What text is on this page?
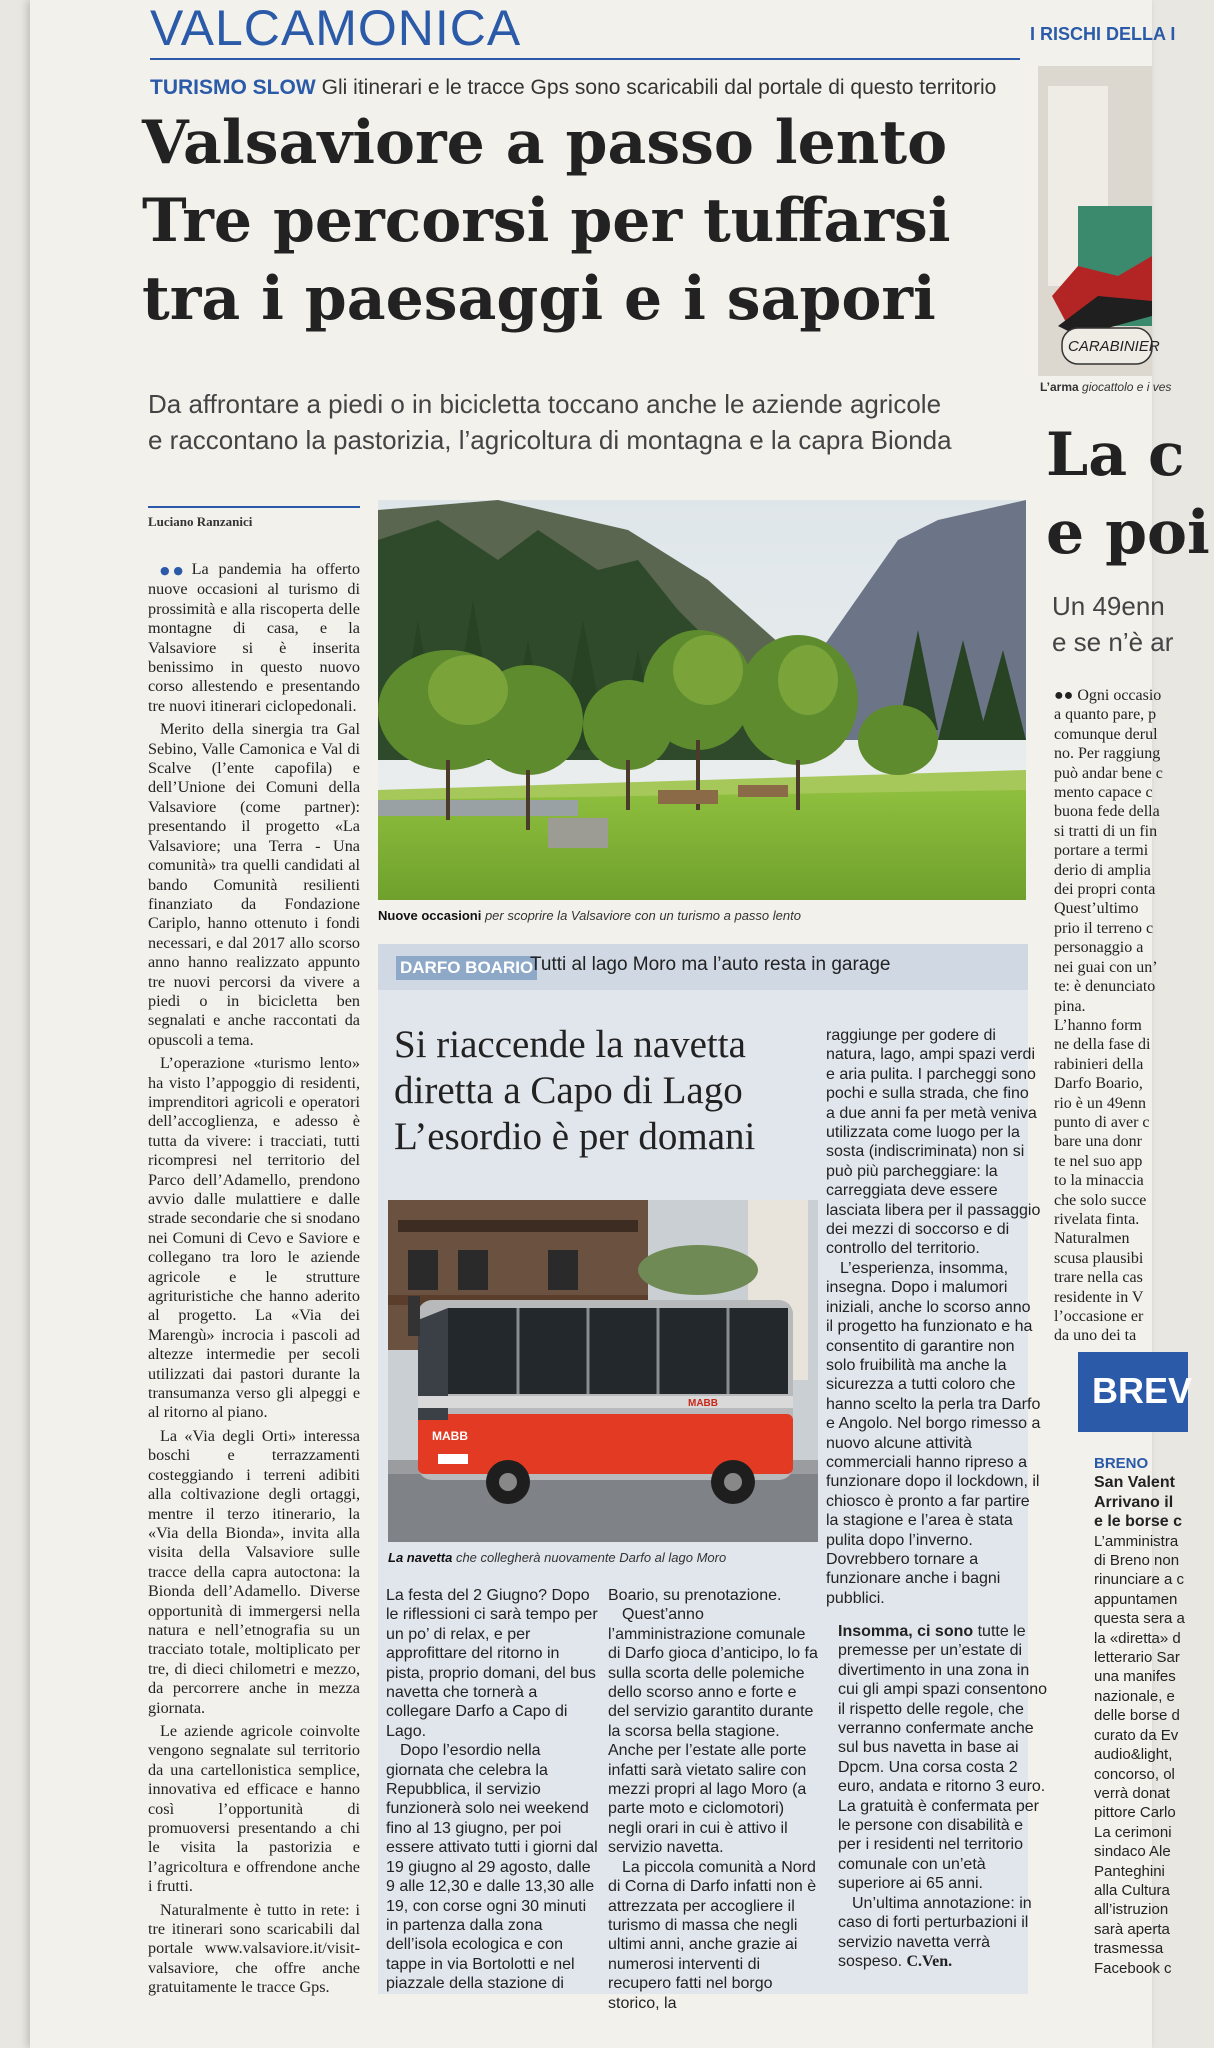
VALCAMONICA
TURISMO SLOW Gli itinerari e le tracce Gps sono scaricabili dal portale di questo territorio
Valsaviore a passo lento
Tre percorsi per tuffarsi
tra i paesaggi e i sapori
Da affrontare a piedi o in bicicletta toccano anche le aziende agricole
e raccontano la pastorizia, l’agricoltura di montagna e la capra Bionda
Luciano Ranzanici

●● La pandemia ha offerto nuove occasioni al turismo di prossimità e alla riscoperta delle montagne di casa, e la Valsaviore si è inserita benissimo in questo nuovo corso allestendo e presentando tre nuovi itinerari ciclopedonali.

Merito della sinergia tra Gal Sebino, Valle Camonica e Val di Scalve (l’ente capofila) e dell’Unione dei Comuni della Valsaviore (come partner): presentando il progetto «La Valsaviore; una Terra - Una comunità» tra quelli candidati al bando Comunità resilienti finanziato da Fondazione Cariplo, hanno ottenuto i fondi necessari, e dal 2017 allo scorso anno hanno realizzato appunto tre nuovi percorsi da vivere a piedi o in bicicletta ben segnalati e anche raccontati da opuscoli a tema.

L’operazione «turismo lento» ha visto l’appoggio di residenti, imprenditori agricoli e operatori dell’accoglienza, e adesso è tutta da vivere: i tracciati, tutti ricompresi nel territorio del Parco dell’Adamello, prendono avvio dalle mulattiere e dalle strade secondarie che si snodano nei Comuni di Cevo e Saviore e collegano tra loro le aziende agricole e le strutture agrituristiche che hanno aderito al progetto. La «Via dei Marengù» incrocia i pascoli ad altezze intermedie per secoli utilizzati dai pastori durante la transumanza verso gli alpeggi e al ritorno al piano.

La «Via degli Orti» interessa boschi e terrazzamenti costeggiando i terreni adibiti alla coltivazione degli ortaggi, mentre il terzo itinerario, la «Via della Bionda», invita alla visita della Valsaviore sulle tracce della capra autoctona: la Bionda dell’Adamello. Diverse opportunità di immergersi nella natura e nell’etnografia su un tracciato totale, moltiplicato per tre, di dieci chilometri e mezzo, da percorrere anche in mezza giornata.

Le aziende agricole coinvolte vengono segnalate sul territorio da una cartellonistica semplice, innovativa ed efficace e hanno così l’opportunità di promuoversi presentando a chi le visita la pastorizia e l’agricoltura e offrendone anche i frutti.

Naturalmente è tutto in rete: i tre itinerari sono scaricabili dal portale www.valsaviore.it/visit-valsaviore, che offre anche gratuitamente le tracce Gps.

Nuove occasioni per scoprire la Valsaviore con un turismo a passo lento
DARFO BOARIO
Tutti al lago Moro ma l’auto resta in garage
Si riaccende la navetta
diretta a Capo di Lago
L’esordio è per domani
MABB
MABB
La navetta che collegherà nuovamente Darfo al lago Moro

La festa del 2 Giugno? Dopo le riflessioni ci sarà tempo per un po’ di relax, e per approfittare del ritorno in pista, proprio domani, del bus navetta che tornerà a collegare Darfo a Capo di Lago.

Dopo l’esordio nella giornata che celebra la Repubblica, il servizio funzionerà solo nei weekend fino al 13 giugno, per poi essere attivato tutti i giorni dal 19 giugno al 29 agosto, dalle 9 alle 12,30 e dalle 13,30 alle 19, con corse ogni 30 minuti in partenza dalla zona dell’isola ecologica e con tappe in via Bortolotti e nel piazzale della stazione di

Boario, su prenotazione.

Quest’anno l’amministrazione comunale di Darfo gioca d’anticipo, lo fa sulla scorta delle polemiche dello scorso anno e forte e del servizio garantito durante la scorsa bella stagione. Anche per l’estate alle porte infatti sarà vietato salire con mezzi propri al lago Moro (a parte moto e ciclomotori) negli orari in cui è attivo il servizio navetta.

La piccola comunità a Nord di Corna di Darfo infatti non è attrezzata per accogliere il turismo di massa che negli ultimi anni, anche grazie ai numerosi interventi di recupero fatti nel borgo storico, la

raggiunge per godere di natura, lago, ampi spazi verdi e aria pulita. I parcheggi sono pochi e sulla strada, che fino a due anni fa per metà veniva utilizzata come luogo per la sosta (indiscriminata) non si può più parcheggiare: la carreggiata deve essere lasciata libera per il passaggio dei mezzi di soccorso e di controllo del territorio.

L’esperienza, insomma, insegna. Dopo i malumori iniziali, anche lo scorso anno il progetto ha funzionato e ha consentito di garantire non solo fruibilità ma anche la sicurezza a tutti coloro che hanno scelto la perla tra Darfo e Angolo. Nel borgo rimesso a nuovo alcune attività commerciali hanno ripreso a funzionare dopo il lockdown, il chiosco è pronto a far partire la stagione e l’area è stata pulita dopo l’inverno. Dovrebbero tornare a funzionare anche i bagni pubblici.

Insomma, ci sono tutte le premesse per un’estate di divertimento in una zona in cui gli ampi spazi consentono il rispetto delle regole, che verranno confermate anche sul bus navetta in base ai Dpcm. Una corsa costa 2 euro, andata e ritorno 3 euro. La gratuità è confermata per le persone con disabilità e per i residenti nel territorio comunale con un’età superiore ai 65 anni.

Un’ultima annotazione: in caso di forti perturbazioni il servizio navetta verrà sospeso. C.Ven.

I RISCHI DELLA I
CARABINIER
L’arma giocattolo e i ves
La c
e poi
Un 49enn
e se n’è ar

●● Ogni occasio

a quanto pare, p

comunque derul

no. Per raggiung

può andar bene c

mento capace c

buona fede della

si tratti di un fin

portare a termi

derio di amplia

dei propri conta

Quest’ultimo

prio il terreno c

personaggio a

nei guai con un’

te: è denunciato

pina.

L’hanno form

ne della fase di

rabinieri della

Darfo Boario,

rio è un 49enn

punto di aver c

bare una donr

te nel suo app

to la minaccia

che solo succe

rivelata finta.

Naturalmen

scusa plausibi

trare nella cas

residente in V

l’occasione er

da uno dei ta

BREV
BRENO
San Valent
Arrivano il
e le borse c
L’amministra
di Breno non
rinunciare a c
appuntamen
questa sera a
la «diretta» d
letterario Sar
una manifes
nazionale, e
delle borse d
curato da Ev
audio&light,
concorso, ol
verrà donat
pittore Carlo
La cerimoni
sindaco Ale
Panteghini
alla Cultura
all’istruzion
sarà aperta
trasmessa
Facebook c
